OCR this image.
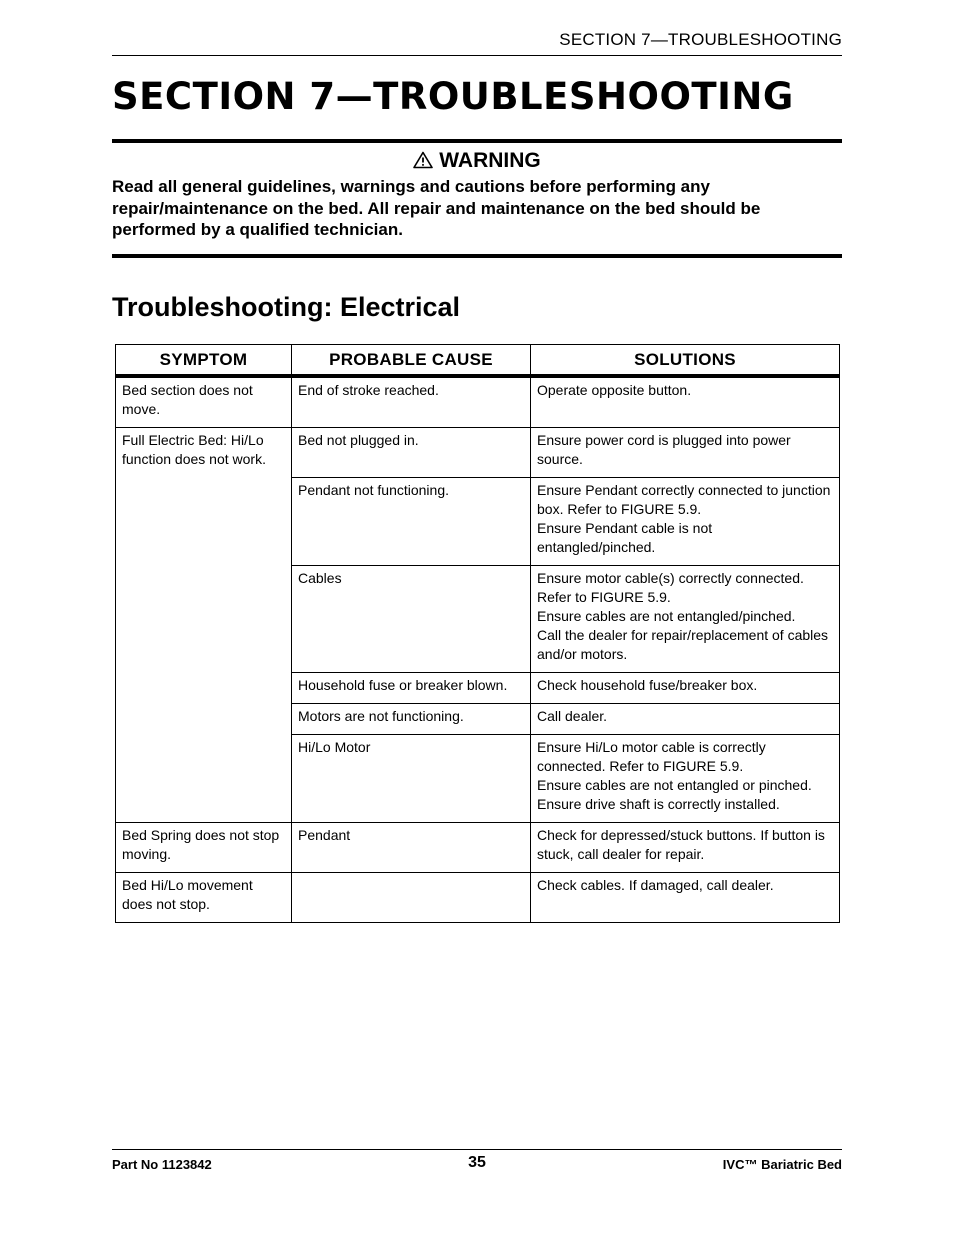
SECTION 7—TROUBLESHOOTING
SECTION 7—TROUBLESHOOTING
WARNING

Read all general guidelines, warnings and cautions before performing any repair/maintenance on the bed. All repair and maintenance on the bed should be performed by a qualified technician.

Troubleshooting: Electrical
SYMPTOM	PROBABLE CAUSE	SOLUTIONS
Bed section does not move.	End of stroke reached.	Operate opposite button.

Full Electric Bed: Hi/Lo function does not work.	Bed not plugged in.	Ensure power cord is plugged into power source.

	Pendant not functioning.	Ensure Pendant correctly connected to junction box. Refer to FIGURE 5.9.
Ensure Pendant cable is not entangled/pinched.

	Cables	Ensure motor cable(s) correctly connected. Refer to FIGURE 5.9.
Ensure cables are not entangled/pinched.
Call the dealer for repair/replacement of cables and/or motors.

	Household fuse or breaker blown.	Check household fuse/breaker box.

	Motors are not functioning.	Call dealer.

	Hi/Lo Motor	Ensure Hi/Lo motor cable is correctly connected. Refer to FIGURE 5.9.
Ensure cables are not entangled or pinched.
Ensure drive shaft is correctly installed.

Bed Spring does not stop moving.	Pendant	Check for depressed/stuck buttons. If button is stuck, call dealer for repair.

Bed Hi/Lo movement does not stop.		Check cables. If damaged, call dealer.
Part No 1123842	35	IVC™ Bariatric Bed
